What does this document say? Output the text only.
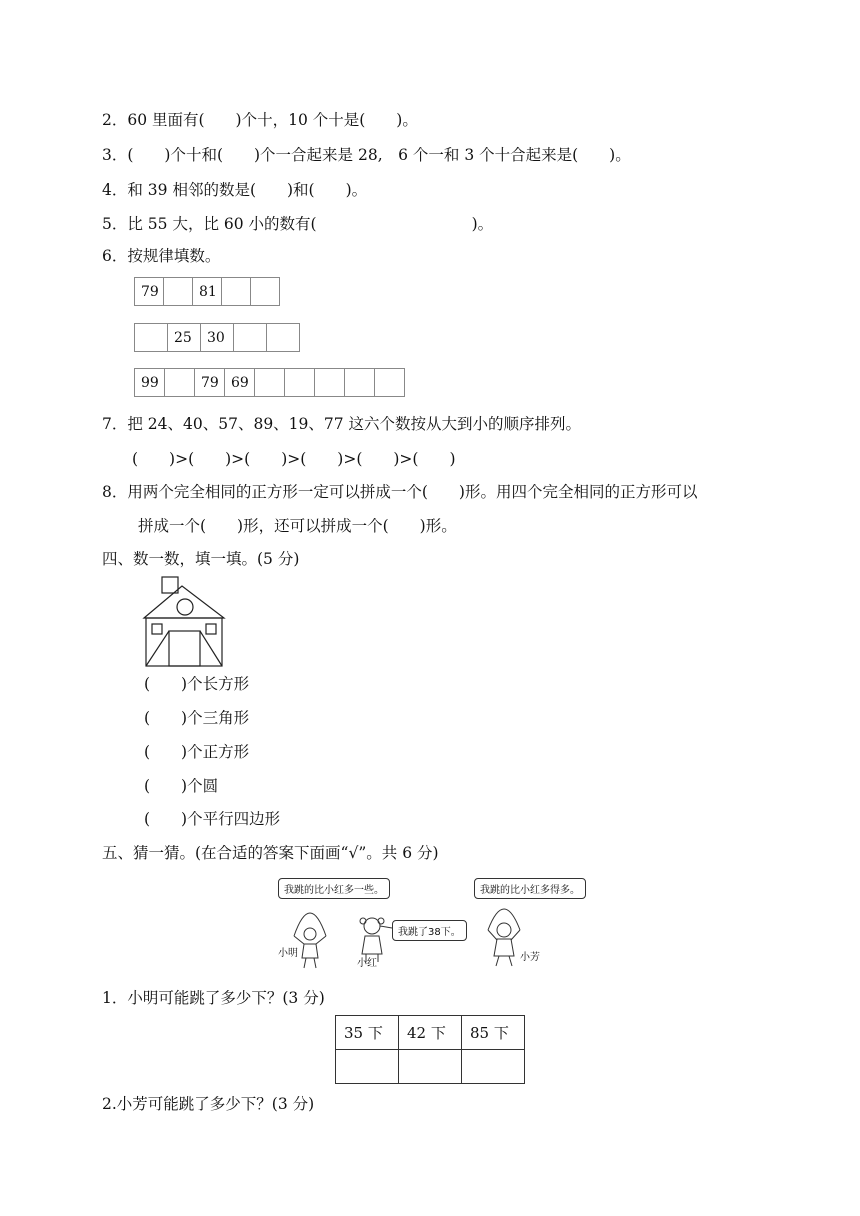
2．60 里面有(　　)个十，10 个十是(　　)。
3．(　　)个十和(　　)个一合起来是 28,　6 个一和 3 个十合起来是(　　)。
4．和 39 相邻的数是(　　)和(　　)。
5．比 55 大，比 60 小的数有(　　　　　　　　　　)。
6．按规律填数。
79		81		
	25	30		
99		79	69					
7．把 24、40、57、89、19、77 这六个数按从大到小的顺序排列。
(　　)>(　　)>(　　)>(　　)>(　　)>(　　)
8．用两个完全相同的正方形一定可以拼成一个(　　)形。用四个完全相同的正方形可以
拼成一个(　　)形，还可以拼成一个(　　)形。
四、数一数，填一填。(5 分)
(　　)个长方形
(　　)个三角形
(　　)个正方形
(　　)个圆
(　　)个平行四边形
五、猜一猜。(在合适的答案下面画“√”。共 6 分)
我跳的比小红多一些。
我跳了38下。
我跳的比小红多得多。
小明
小红
小芳
1．小明可能跳了多少下？(3 分)
35 下	42 下	85 下

2.小芳可能跳了多少下？(3 分)
